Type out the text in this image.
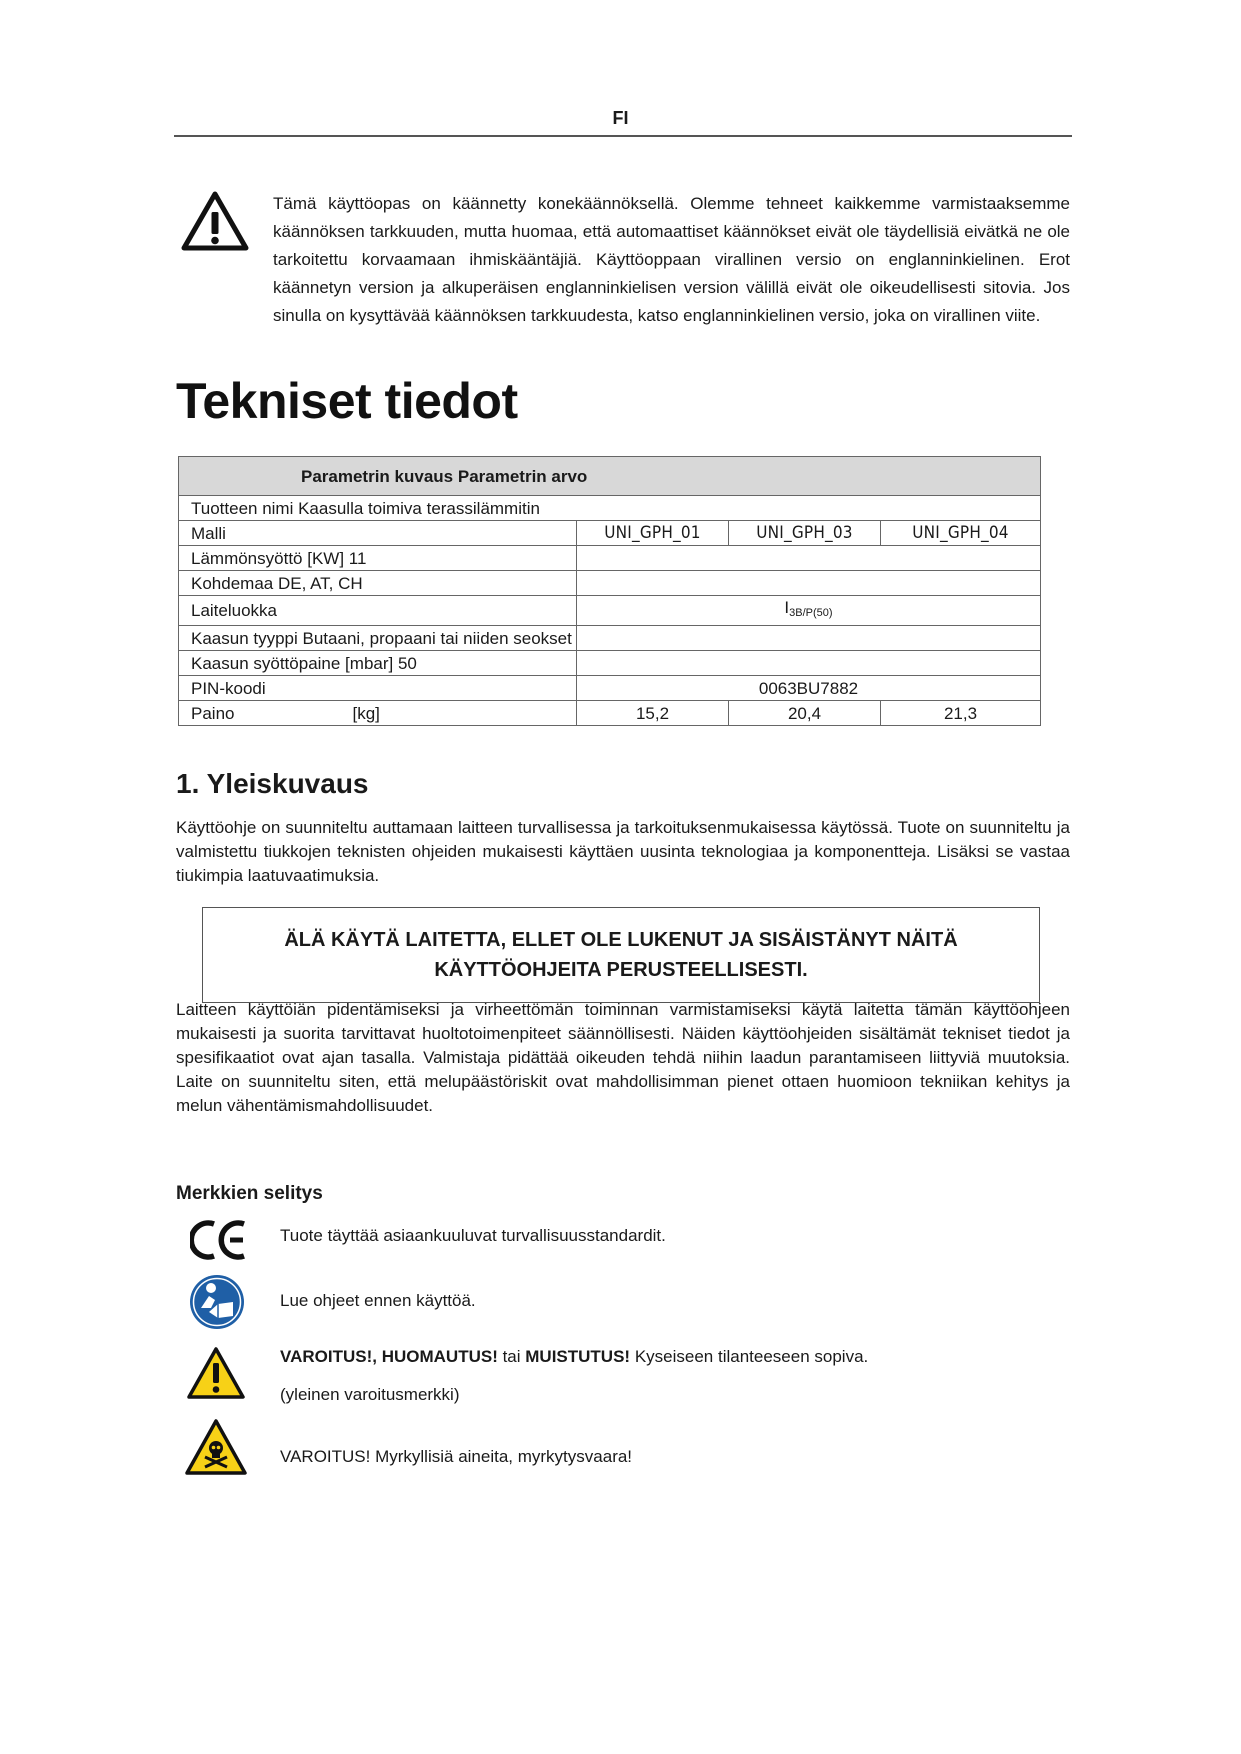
FI

Tämä käyttöopas on käännetty konekäännöksellä. Olemme tehneet kaikkemme varmistaaksemme käännöksen tarkkuuden, mutta huomaa, että automaattiset käännökset eivät ole täydellisiä eivätkä ne ole tarkoitettu korvaamaan ihmiskääntäjiä. Käyttöoppaan virallinen versio on englanninkielinen. Erot käännetyn version ja alkuperäisen englanninkielisen version välillä eivät ole oikeudellisesti sitovia. Jos sinulla on kysyttävää käännöksen tarkkuudesta, katso englanninkielinen versio, joka on virallinen viite.

Tekniset tiedot
Parametrin kuvaus Parametrin arvo			
Tuotteen nimi Kaasulla toimiva terassilämmitin			
Malli	UNI_GPH_01	UNI_GPH_03	UNI_GPH_04
Lämmönsyöttö [KW] 11			
Kohdemaa DE, AT, CH			
Laiteluokka	$I_{3B/P(50)}$
Kaasun tyyppi Butaani, propaani tai niiden seokset			
Kaasun syöttöpaine [mbar] 50			
PIN-koodi	0063BU7882		
Paino [kg]	15,2	20,4	21,3
1. Yleiskuvaus

Käyttöohje on suunniteltu auttamaan laitteen turvallisessa ja tarkoituksenmukaisessa käytössä. Tuote on suunniteltu ja valmistettu tiukkojen teknisten ohjeiden mukaisesti käyttäen uusinta teknologiaa ja komponentteja. Lisäksi se vastaa tiukimpia laatuvaatimuksia.

ÄLÄ KÄYTÄ LAITETTA, ELLET OLE LUKENUT JA SISÄISTÄNYT NÄITÄ KÄYTTÖOHJEITA PERUSTEELLISESTI.

Laitteen käyttöiän pidentämiseksi ja virheettömän toiminnan varmistamiseksi käytä laitetta tämän käyttöohjeen mukaisesti ja suorita tarvittavat huoltotoimenpiteet säännöllisesti. Näiden käyttöohjeiden sisältämät tekniset tiedot ja spesifikaatiot ovat ajan tasalla. Valmistaja pidättää oikeuden tehdä niihin laadun parantamiseen liittyviä muutoksia. Laite on suunniteltu siten, että melupäästöriskit ovat mahdollisimman pienet ottaen huomioon tekniikan kehitys ja melun vähentämismahdollisuudet.

Merkkien selitys

Tuote täyttää asiaankuuluvat turvallisuusstandardit.

Lue ohjeet ennen käyttöä.

VAROITUS!, HUOMAUTUS! tai MUISTUTUS! Kyseiseen tilanteeseen sopiva.

(yleinen varoitusmerkki)

VAROITUS! Myrkyllisiä aineita, myrkytysvaara!
